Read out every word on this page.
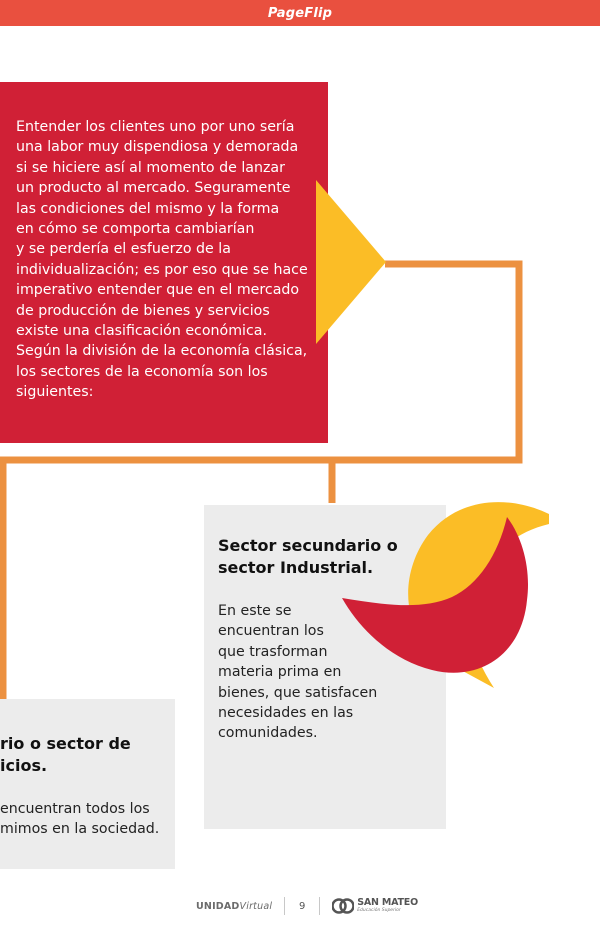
PageFlip
Entender los clientes uno por uno sería
una labor muy dispendiosa y demorada
si se hiciere así al momento de lanzar
un producto al mercado. Seguramente
las condiciones del mismo y la forma
en cómo se comporta cambiarían
y se perdería el esfuerzo de la
individualización; es por eso que se hace
imperativo entender que en el mercado
de producción de bienes y servicios
existe una clasificación económica.
Según la división de la economía clásica,
los sectores de la economía son los
siguientes:
Sector secundario o
sector Industrial.
En este se
encuentran los
que trasforman
materia prima en
bienes, que satisfacen
necesidades en las
comunidades.
rio o sector de
icios.
encuentran todos los
mimos en la sociedad.
UNIDADVirtual	9	SAN MATEO
Educación Superior
